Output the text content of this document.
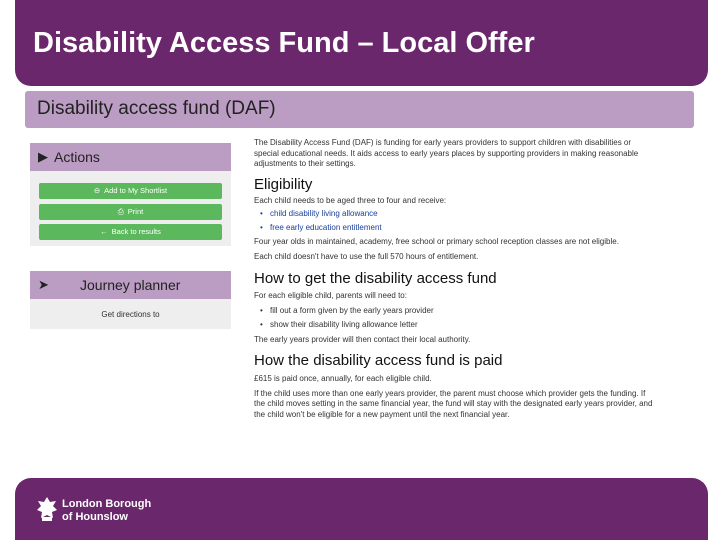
Disability Access Fund – Local Offer
Disability access fund (DAF)
▶ Actions
⊖ Add to My Shortlist
⎙ Print
← Back to results
➤ Journey planner
Get directions to

The Disability Access Fund (DAF) is funding for early years providers to support children with disabilities or special educational needs. It aids access to early years places by supporting providers in making reasonable adjustments to their settings.

Eligibility

Each child needs to be aged three to four and receive:

• child disability living allowance
• free early education entitlement

Four year olds in maintained, academy, free school or primary school reception classes are not eligible.

Each child doesn't have to use the full 570 hours of entitlement.

How to get the disability access fund

For each eligible child, parents will need to:

• fill out a form given by the early years provider
• show their disability living allowance letter

The early years provider will then contact their local authority.

How the disability access fund is paid

£615 is paid once, annually, for each eligible child.

If the child uses more than one early years provider, the parent must choose which provider gets the funding. If the child moves setting in the same financial year, the fund will stay with the designated early years provider, and the child won't be eligible for a new payment until the next financial year.

London Borough
of Hounslow
